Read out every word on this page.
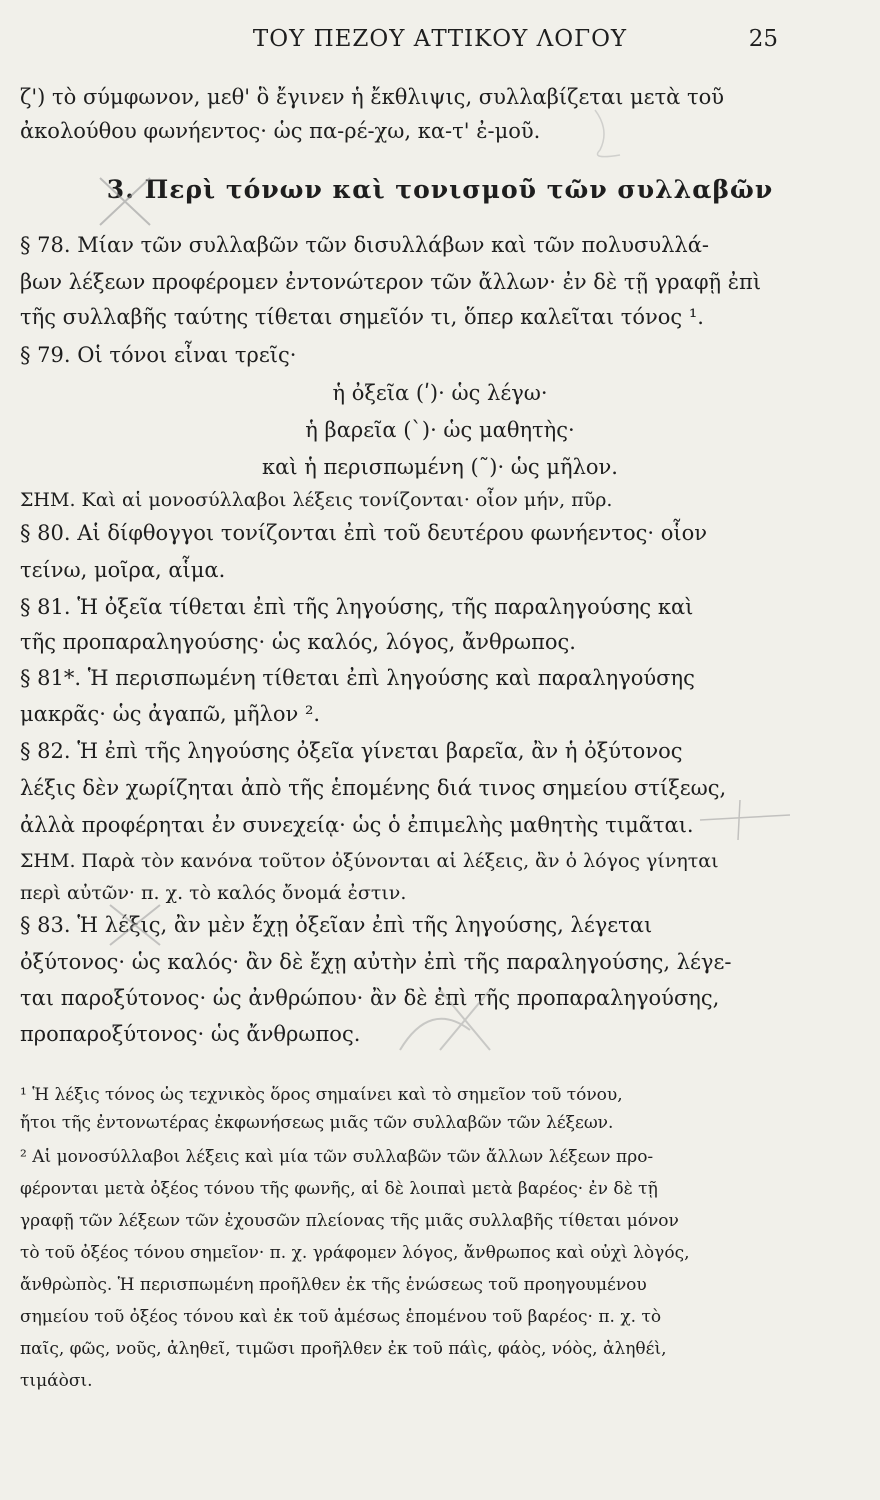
ΤΟΥ ΠΕΖΟΥ ΑΤΤΙΚΟΥ ΛΟΓΟΥ	25
ζ') τὸ σύμφωνον, μεθ' ὃ ἔγινεν ἡ ἔκθλιψις, συλλαβίζεται μετὰ τοῦ
ἀκολούθου φωνήεντος· ὡς πα-ρέ-χω, κα-τ' ἐ-μοῦ.
3. Περὶ τόνων καὶ τονισμοῦ τῶν συλλαβῶν
§ 78. Μίαν τῶν συλλαβῶν τῶν δισυλλάβων καὶ τῶν πολυσυλλά-
βων λέξεων προφέρομεν ἐντονώτερον τῶν ἄλλων· ἐν δὲ τῇ γραφῇ ἐπὶ
τῆς συλλαβῆς ταύτης τίθεται σημεῖόν τι, ὅπερ καλεῖται τόνος ¹.
§ 79. Οἱ τόνοι εἶναι τρεῖς·
ἡ ὀξεῖα (ʹ)· ὡς λέγω·
ἡ βαρεῖα (`)· ὡς μαθητὴς·
καὶ ἡ περισπωμένη (῀)· ὡς μῆλον.
ΣΗΜ. Καὶ αἱ μονοσύλλαβοι λέξεις τονίζονται· οἷον μήν, πῦρ.
§ 80. Αἱ δίφθογγοι τονίζονται ἐπὶ τοῦ δευτέρου φωνήεντος· οἷον
τείνω, μοῖρα, αἷμα.
§ 81. Ἡ ὀξεῖα τίθεται ἐπὶ τῆς ληγούσης, τῆς παραληγούσης καὶ
τῆς προπαραληγούσης· ὡς καλός, λόγος, ἄνθρωπος.
§ 81*. Ἡ περισπωμένη τίθεται ἐπὶ ληγούσης καὶ παραληγούσης
μακρᾶς· ὡς ἀγαπῶ, μῆλον ².
§ 82. Ἡ ἐπὶ τῆς ληγούσης ὀξεῖα γίνεται βαρεῖα, ἂν ἡ ὀξύτονος
λέξις δὲν χωρίζηται ἀπὸ τῆς ἑπομένης διά τινος σημείου στίξεως,
ἀλλὰ προφέρηται ἐν συνεχείᾳ· ὡς ὁ ἐπιμελὴς μαθητὴς τιμᾶται.
ΣΗΜ. Παρὰ τὸν κανόνα τοῦτον ὀξύνονται αἱ λέξεις, ἂν ὁ λόγος γίνηται
περὶ αὐτῶν· π. χ. τὸ καλός ὄνομά ἐστιν.
§ 83. Ἡ λέξις, ἂν μὲν ἔχῃ ὀξεῖαν ἐπὶ τῆς ληγούσης, λέγεται
ὀξύτονος· ὡς καλός· ἂν δὲ ἔχῃ αὐτὴν ἐπὶ τῆς παραληγούσης, λέγε-
ται παροξύτονος· ὡς ἀνθρώπου· ἂν δὲ ἐπὶ τῆς προπαραληγούσης,
προπαροξύτονος· ὡς ἄνθρωπος.
¹ Ἡ λέξις τόνος ὡς τεχνικὸς ὅρος σημαίνει καὶ τὸ σημεῖον τοῦ τόνου,
ἤτοι τῆς ἐντονωτέρας ἐκφωνήσεως μιᾶς τῶν συλλαβῶν τῶν λέξεων.
² Αἱ μονοσύλλαβοι λέξεις καὶ μία τῶν συλλαβῶν τῶν ἄλλων λέξεων προ-
φέρονται μετὰ ὀξέος τόνου τῆς φωνῆς, αἱ δὲ λοιπαὶ μετὰ βαρέος· ἐν δὲ τῇ
γραφῇ τῶν λέξεων τῶν ἐχουσῶν πλείονας τῆς μιᾶς συλλαβῆς τίθεται μόνον
τὸ τοῦ ὀξέος τόνου σημεῖον· π. χ. γράφομεν λόγος, ἄνθρωπος καὶ οὐχὶ λὸγός,
ἄνθρὼπὸς. Ἡ περισπωμένη προῆλθεν ἐκ τῆς ἑνώσεως τοῦ προηγουμένου
σημείου τοῦ ὀξέος τόνου καὶ ἐκ τοῦ ἀμέσως ἑπομένου τοῦ βαρέος· π. χ. τὸ
παῖς, φῶς, νοῦς, ἀληθεῖ, τιμῶσι προῆλθεν ἐκ τοῦ πάὶς, φάὸς, νόὸς, ἀληθέὶ,
τιμάὸσι.
